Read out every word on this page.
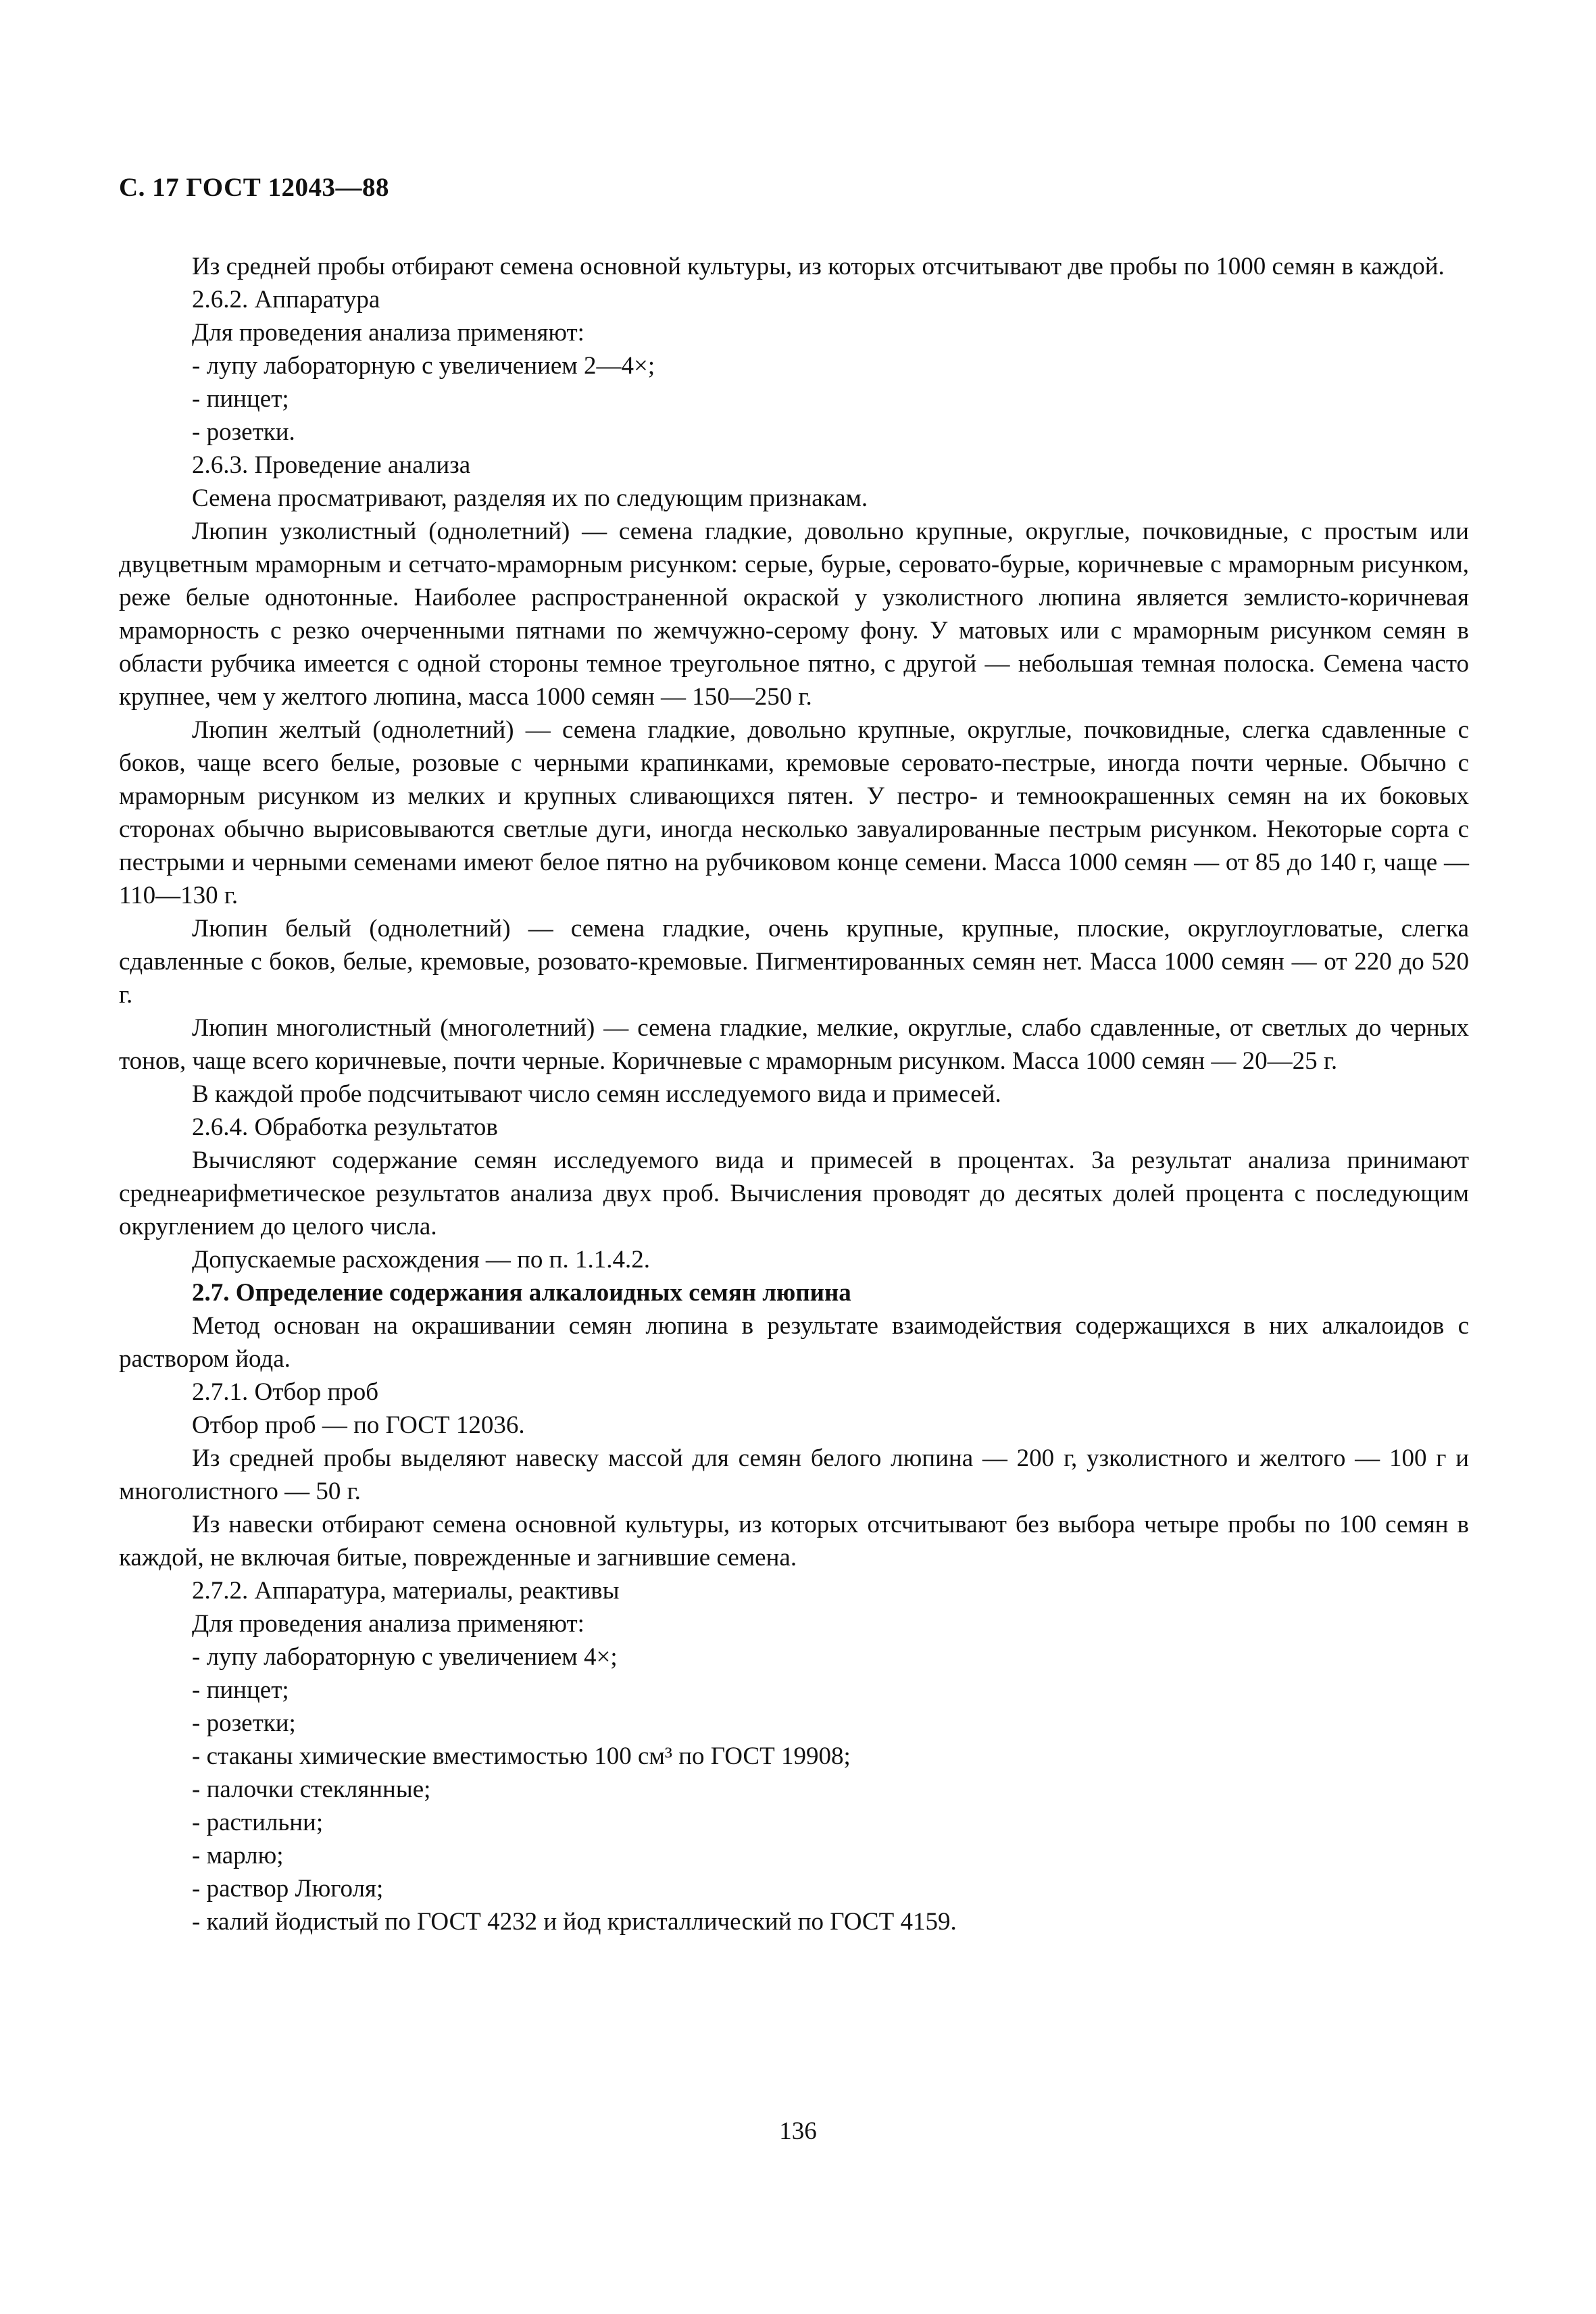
С. 17 ГОСТ 12043—88

Из средней пробы отбирают семена основной культуры, из которых отсчитывают две пробы по 1000 семян в каждой.

2.6.2. Аппаратура

Для проведения анализа применяют:

- лупу лабораторную с увеличением 2—4×;

- пинцет;

- розетки.

2.6.3. Проведение анализа

Семена просматривают, разделяя их по следующим признакам.

Люпин узколистный (однолетний) — семена гладкие, довольно крупные, округлые, почковидные, с простым или двуцветным мраморным и сетчато-мраморным рисунком: серые, бурые, серовато-бурые, коричневые с мраморным рисунком, реже белые однотонные. Наиболее распространенной окраской у узколистного люпина является землисто-коричневая мраморность с резко очерченными пятнами по жемчужно-серому фону. У матовых или с мраморным рисунком семян в области рубчика имеется с одной стороны темное треугольное пятно, с другой — небольшая темная полоска. Семена часто крупнее, чем у желтого люпина, масса 1000 семян — 150—250 г.

Люпин желтый (однолетний) — семена гладкие, довольно крупные, округлые, почковидные, слегка сдавленные с боков, чаще всего белые, розовые с черными крапинками, кремовые серовато-пестрые, иногда почти черные. Обычно с мраморным рисунком из мелких и крупных сливающихся пятен. У пестро- и темноокрашенных семян на их боковых сторонах обычно вырисовываются светлые дуги, иногда несколько завуалированные пестрым рисунком. Некоторые сорта с пестрыми и черными семенами имеют белое пятно на рубчиковом конце семени. Масса 1000 семян — от 85 до 140 г, чаще — 110—130 г.

Люпин белый (однолетний) — семена гладкие, очень крупные, крупные, плоские, округлоугловатые, слегка сдавленные с боков, белые, кремовые, розовато-кремовые. Пигментированных семян нет. Масса 1000 семян — от 220 до 520 г.

Люпин многолистный (многолетний) — семена гладкие, мелкие, округлые, слабо сдавленные, от светлых до черных тонов, чаще всего коричневые, почти черные. Коричневые с мраморным рисунком. Масса 1000 семян — 20—25 г.

В каждой пробе подсчитывают число семян исследуемого вида и примесей.

2.6.4. Обработка результатов

Вычисляют содержание семян исследуемого вида и примесей в процентах. За результат анализа принимают среднеарифметическое результатов анализа двух проб. Вычисления проводят до десятых долей процента с последующим округлением до целого числа.

Допускаемые расхождения — по п. 1.1.4.2.

2.7. Определение содержания алкалоидных семян люпина

Метод основан на окрашивании семян люпина в результате взаимодействия содержащихся в них алкалоидов с раствором йода.

2.7.1. Отбор проб

Отбор проб — по ГОСТ 12036.

Из средней пробы выделяют навеску массой для семян белого люпина — 200 г, узколистного и желтого — 100 г и многолистного — 50 г.

Из навески отбирают семена основной культуры, из которых отсчитывают без выбора четыре пробы по 100 семян в каждой, не включая битые, поврежденные и загнившие семена.

2.7.2. Аппаратура, материалы, реактивы

Для проведения анализа применяют:

- лупу лабораторную с увеличением 4×;

- пинцет;

- розетки;

- стаканы химические вместимостью 100 см³ по ГОСТ 19908;

- палочки стеклянные;

- растильни;

- марлю;

- раствор Люголя;

- калий йодистый по ГОСТ 4232 и йод кристаллический по ГОСТ 4159.

136
